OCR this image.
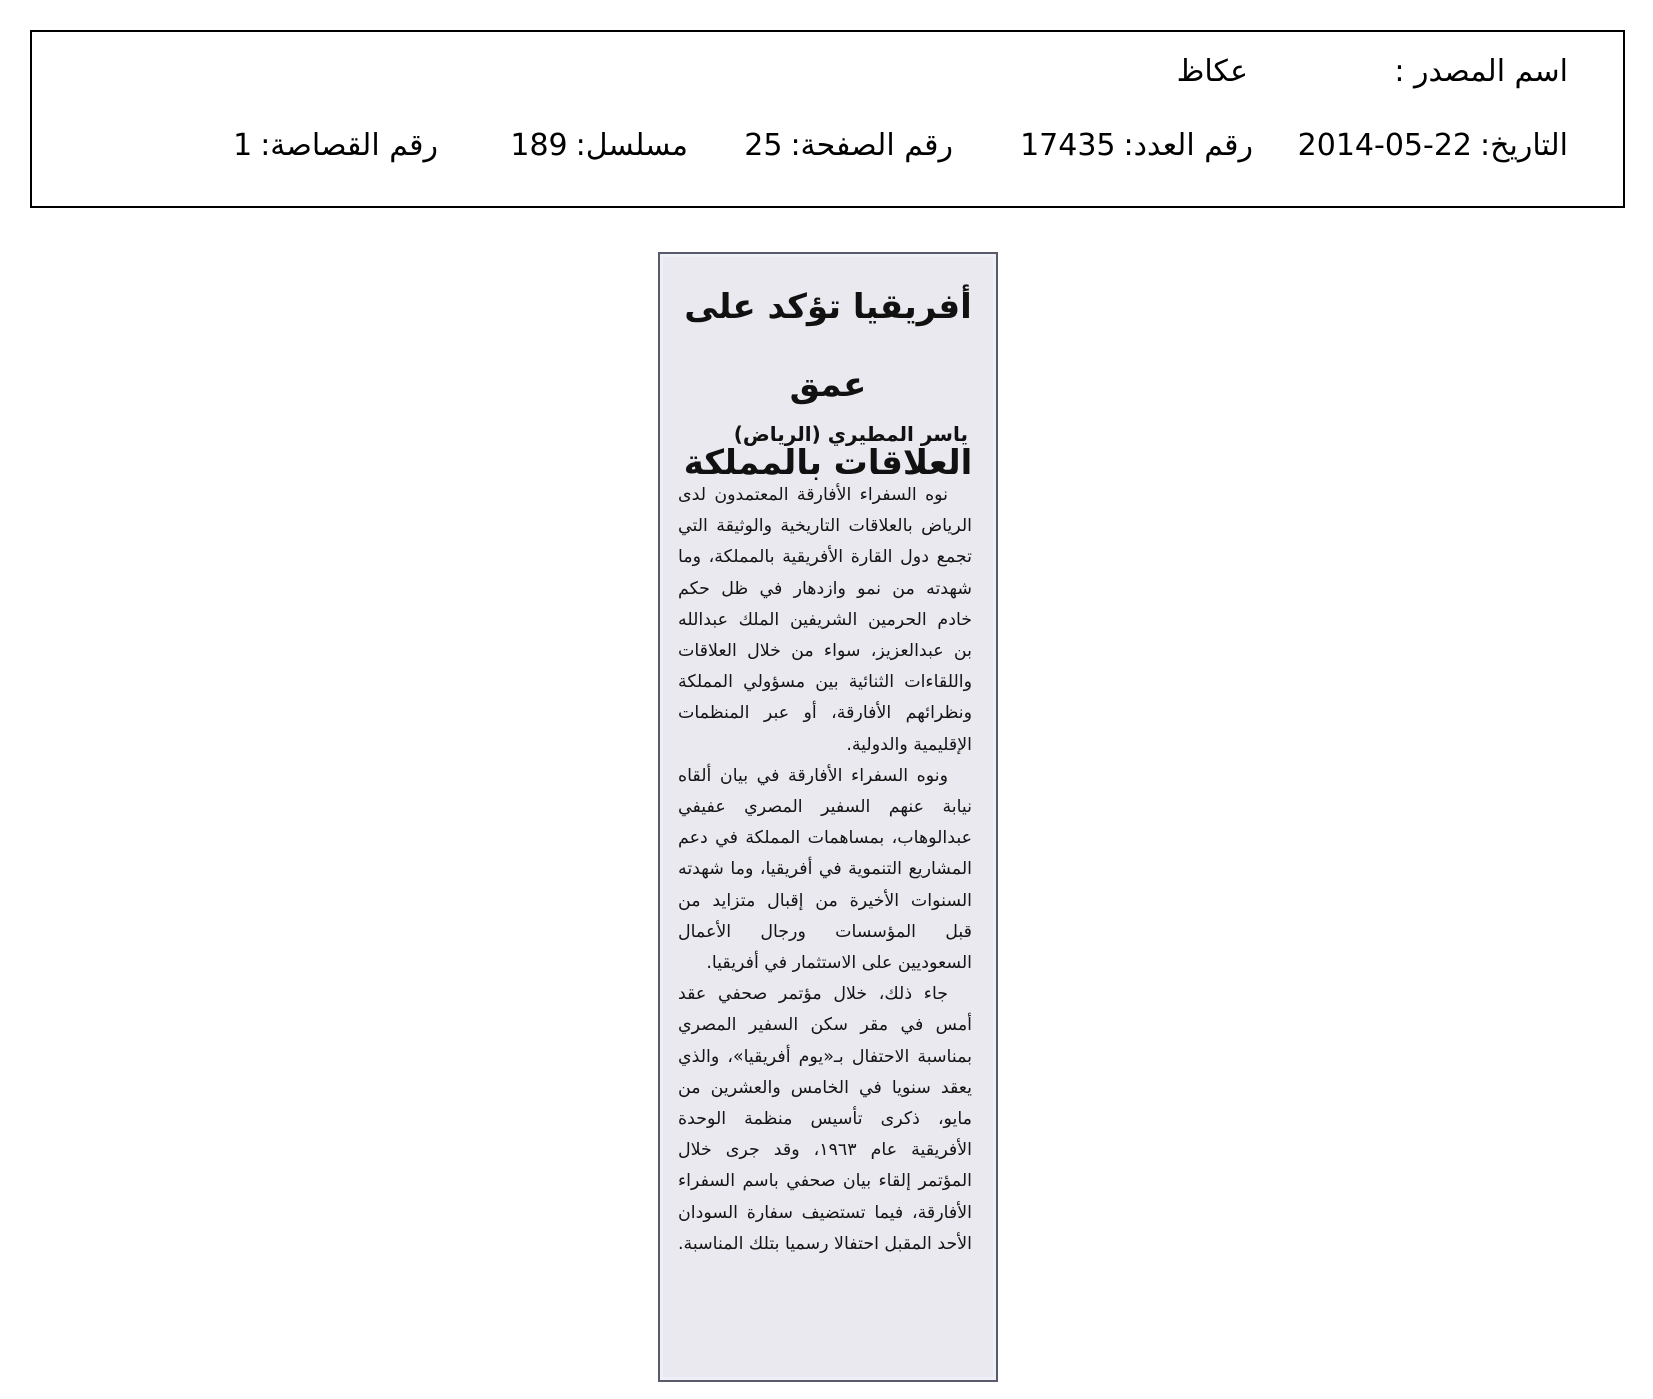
اسم المصدر :
عكاظ
التاريخ:2014-05-22
رقم العدد:17435
رقم الصفحة:25
مسلسل:189
رقم القصاصة:1
أفريقيا تؤكد على عمق
العلاقات بالمملكة
ياسر المطيري (الرياض)

نوه السفراء الأفارقة المعتمدون لدى الرياض بالعلاقات التاريخية والوثيقة التي تجمع دول القارة الأفريقية بالمملكة، وما شهدته من نمو وازدهار في ظل حكم خادم الحرمين الشريفين الملك عبدالله بن عبدالعزيز، سواء من خلال العلاقات واللقاءات الثنائية بين مسؤولي المملكة ونظرائهم الأفارقة، أو عبر المنظمات الإقليمية والدولية.

ونوه السفراء الأفارقة في بيان ألقاه نيابة عنهم السفير المصري عفيفي عبدالوهاب، بمساهمات المملكة في دعم المشاريع التنموية في أفريقيا، وما شهدته السنوات الأخيرة من إقبال متزايد من قبل المؤسسات ورجال الأعمال السعوديين على الاستثمار في أفريقيا.

جاء ذلك، خلال مؤتمر صحفي عقد أمس في مقر سكن السفير المصري بمناسبة الاحتفال بـ«يوم أفريقيا»، والذي يعقد سنويا في الخامس والعشرين من مايو، ذكرى تأسيس منظمة الوحدة الأفريقية عام ١٩٦٣، وقد جرى خلال المؤتمر إلقاء بيان صحفي باسم السفراء الأفارقة، فيما تستضيف سفارة السودان الأحد المقبل احتفالا رسميا بتلك المناسبة.
